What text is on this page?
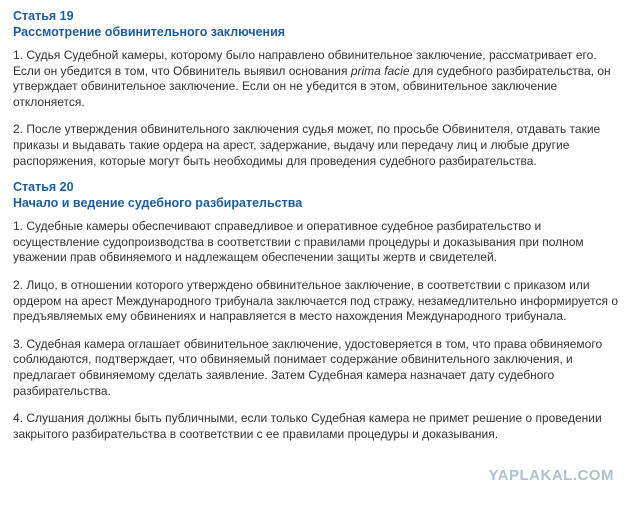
Статья 19
Рассмотрение обвинительного заключения

1. Судья Судебной камеры, которому было направлено обвинительное заключение, рассматривает его. Если он убедится в том, что Обвинитель выявил основания prima facie для судебного разбирательства, он утверждает обвинительное заключение. Если он не убедится в этом, обвинительное заключение отклоняется.

2. После утверждения обвинительного заключения судья может, по просьбе Обвинителя, отдавать такие приказы и выдавать такие ордера на арест, задержание, выдачу или передачу лиц и любые другие распоряжения, которые могут быть необходимы для проведения судебного разбирательства.

Статья 20
Начало и ведение судебного разбирательства

1. Судебные камеры обеспечивают справедливое и оперативное судебное разбирательство и осуществление судопроизводства в соответствии с правилами процедуры и доказывания при полном уважении прав обвиняемого и надлежащем обеспечении защиты жертв и свидетелей.

2. Лицо, в отношении которого утверждено обвинительное заключение, в соответствии с приказом или ордером на арест Международного трибунала заключается под стражу, незамедлительно информируется о предъявляемых ему обвинениях и направляется в место нахождения Международного трибунала.

3. Судебная камера оглашает обвинительное заключение, удостоверяется в том, что права обвиняемого соблюдаются, подтверждает, что обвиняемый понимает содержание обвинительного заключения, и предлагает обвиняемому сделать заявление. Затем Судебная камера назначает дату судебного разбирательства.

4. Слушания должны быть публичными, если только Судебная камера не примет решение о проведении закрытого разбирательства в соответствии с ее правилами процедуры и доказывания.

YAPLAKAL.COM
